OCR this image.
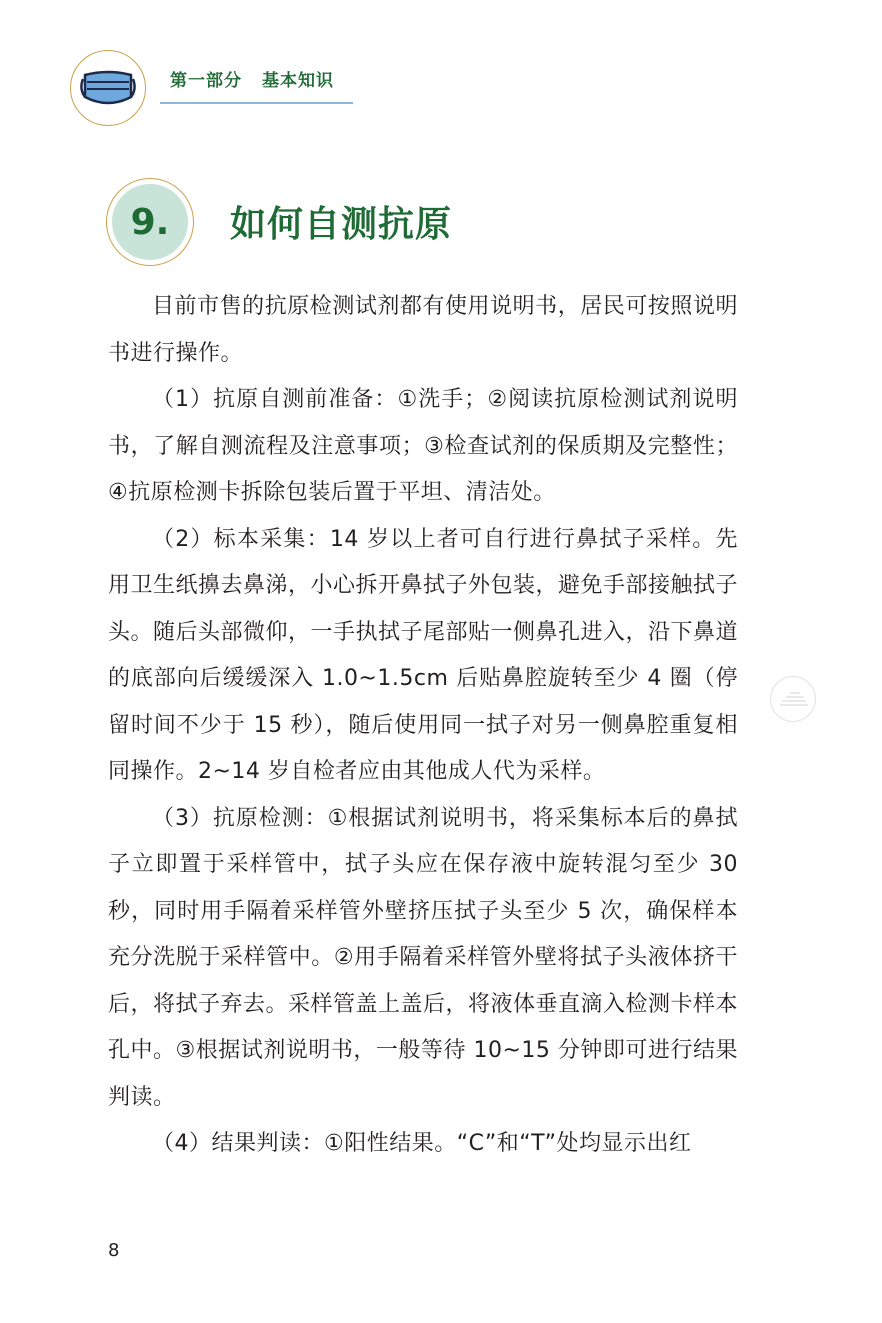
第一部分 基本知识
9.	如何自测抗原

目前市售的抗原检测试剂都有使用说明书，居民可按照说明书进行操作。

（1）抗原自测前准备：①洗手；②阅读抗原检测试剂说明书，了解自测流程及注意事项；③检查试剂的保质期及完整性；④抗原检测卡拆除包装后置于平坦、清洁处。

（2）标本采集：14 岁以上者可自行进行鼻拭子采样。先用卫生纸擤去鼻涕，小心拆开鼻拭子外包装，避免手部接触拭子头。随后头部微仰，一手执拭子尾部贴一侧鼻孔进入，沿下鼻道的底部向后缓缓深入 1.0~1.5cm 后贴鼻腔旋转至少 4 圈（停留时间不少于 15 秒），随后使用同一拭子对另一侧鼻腔重复相同操作。2~14 岁自检者应由其他成人代为采样。

（3）抗原检测：①根据试剂说明书，将采集标本后的鼻拭子立即置于采样管中，拭子头应在保存液中旋转混匀至少 30 秒，同时用手隔着采样管外壁挤压拭子头至少 5 次，确保样本充分洗脱于采样管中。②用手隔着采样管外壁将拭子头液体挤干后，将拭子弃去。采样管盖上盖后，将液体垂直滴入检测卡样本孔中。③根据试剂说明书，一般等待 10~15 分钟即可进行结果判读。

（4）结果判读：①阳性结果。“C”和“T”处均显示出红

8
